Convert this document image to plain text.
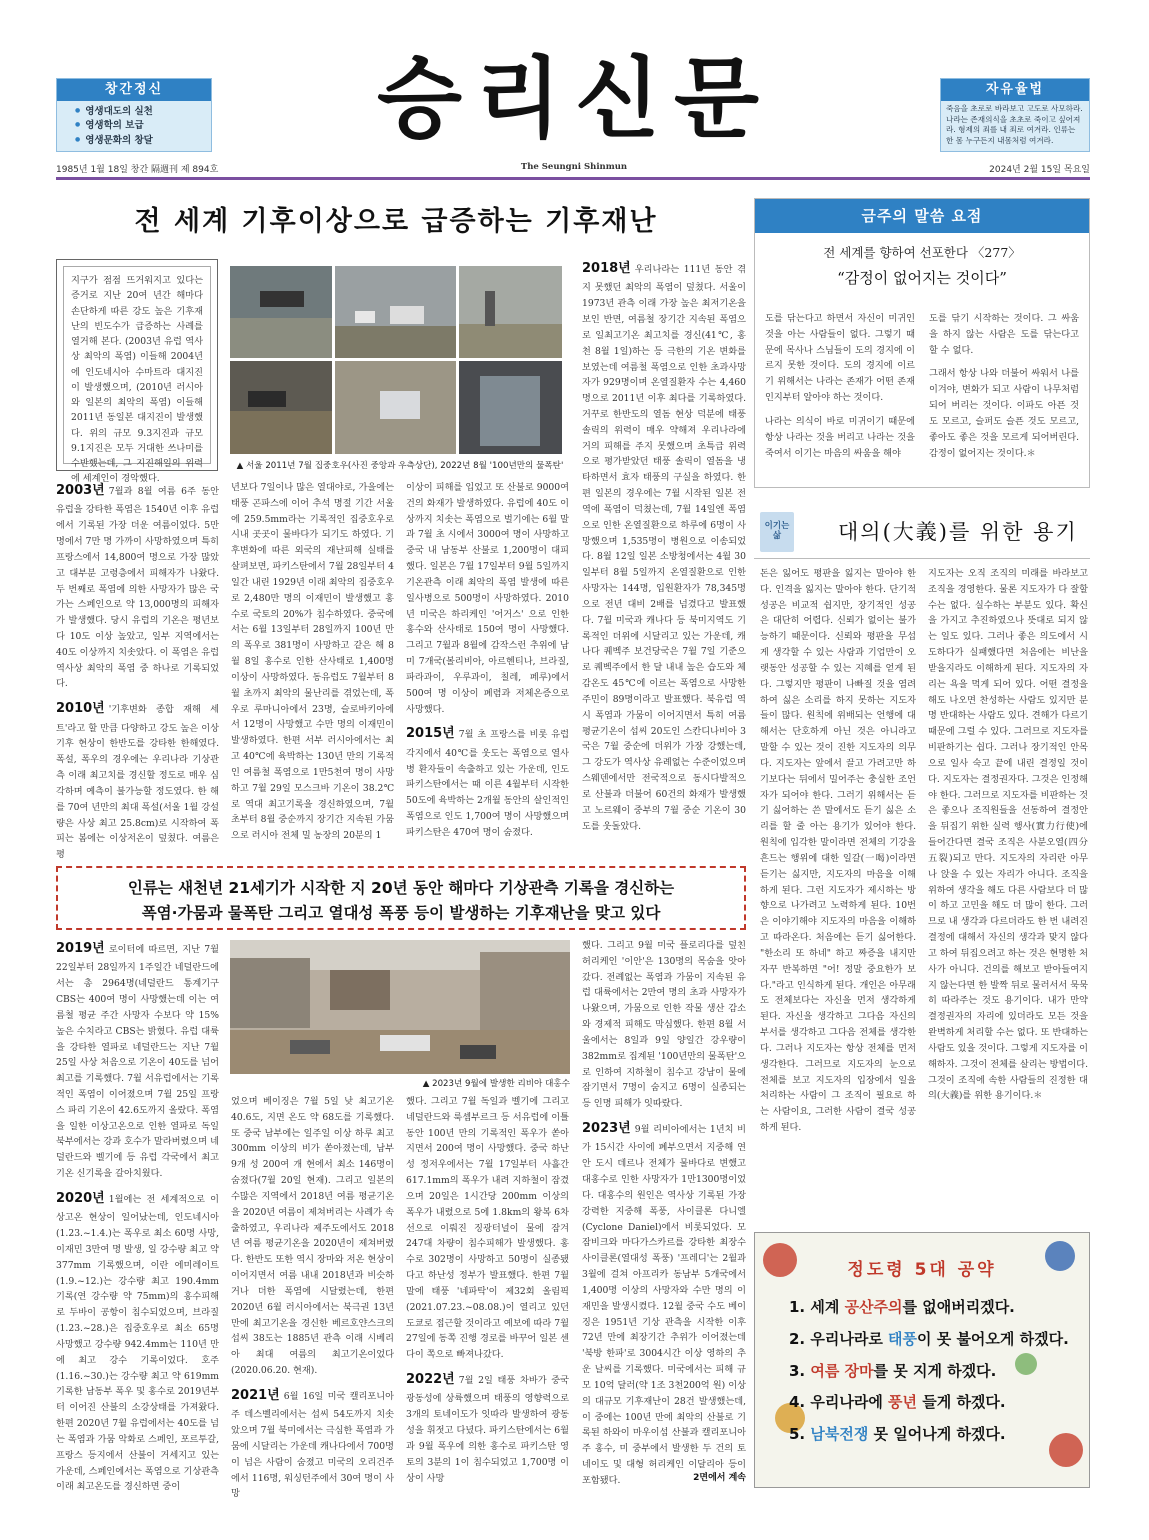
창간정신
● 영생대도의 실천
● 영생학의 보급
● 영생문화의 창달	승리신문	자유율법
죽음을 초로로 바라보고 고도로 사모하라. 나라는 존재의식을 초초로 죽이고 싶어져라. 형제의 죄를 내 죄로 여겨라. 인류는 한 몸 누구든지 내몸처럼 여겨라.
1985년 1월 18일 창간 隔週刊 제 894호	The Seungni Shinmun	2024년 2월 15일 목요일
전 세계 기후이상으로 급증하는 기후재난
지구가 점점 뜨거워지고 있다는 증거로 지난 20여 년간 해마다 손단하게 따른 강도 높은 기후재난의 빈도수가 급증하는 사례를 열거해 본다. (2003년 유럽 역사상 최악의 폭염) 이들해 2004년에 인도네시아 수마트라 대지진이 발생했으며, (2010년 러시아와 일본의 최악의 폭염) 이들해 2011년 동일본 대지진이 발생했다. 위의 규모 9.3지진과 규모 9.1지진은 모두 거대한 쓰나미를 수반했는데, 그 지진해일의 위력에 세계인이 경악했다.
▲ 서울 2011년 7월 집중호우(사진 중앙과 우측상단), 2022년 8월 '100년만의 물폭탄'
2018년 우리나라는 111년 동안 겪지 못했던 최악의 폭염이 덮쳤다. 서울이 1973년 관측 이래 가장 높은 최저기온을 보인 반면, 여름철 장기간 지속된 폭염으로 일최고기온 최고치를 경신(41℃, 홍천 8월 1일)하는 등 극한의 기온 변화를 보였는데 여름철 폭염으로 인한 초과사망자가 929명이며 온열질환자 수는 4,460명으로 2011년 이후 최다를 기록하였다. 거꾸로 한반도의 열돔 현상 덕분에 태풍 솔릭의 위력이 매우 약해져 우리나라에 거의 피해를 주지 못했으며 초특급 위력으로 평가받았던 태풍 솔릭이 열돔을 냉타하면서 효자 태풍의 구실을 하였다. 한편 일본의 경우에는 7월 시작된 일본 전역에 폭염이 덕쳤는데, 7월 14일엔 폭염으로 인한 온열질환으로 하루에 6명이 사망했으며 1,535명이 병원으로 이송되었다. 8월 12일 일본 소방청에서는 4월 30일부터 8월 5일까지 온열질환으로 인한 사망자는 144명, 입원환자가 78,345명으로 전년 대비 2배를 넘겼다고 발표했다. 7월 미국과 캐나다 등 북미지역도 기록적인 더위에 시달리고 있는 가운데, 캐나다 퀘벡주 보건당국은 7월 7일 기준으로 퀘벡주에서 한 달 내내 높은 습도와 체감온도 45℃에 이르는 폭염으로 사망한 주민이 89명이라고 발표했다. 북유럽 역시 폭염과 가뭄이 이어지면서 특히 여름 평균기온이 섭씨 20도인 스칸디나비아 3국은 7월 중순에 더위가 가장 강했는데, 그 강도가 역사상 유례없는 수준이었으며 스웨덴에서만 전국적으로 동시다발적으로 산불과 더불어 60건의 화재가 발생했고 노르웨이 중부의 7월 중순 기온이 30도를 웃돌았다.

2003년 7월과 8월 여름 6주 동안 유럽을 강타한 폭염은 1540년 이후 유럽에서 기록된 가장 더운 여름이었다. 5만 명에서 7만 명 가까이 사망하였으며 특히 프랑스에서 14,800여 명으로 가장 많았고 대부분 고령층에서 피해자가 나왔다. 두 번째로 폭염에 의한 사망자가 많은 국가는 스페인으로 약 13,000명의 피해자가 발생했다. 당시 유럽의 기온은 평년보다 10도 이상 높았고, 일부 지역에서는 40도 이상까지 치솟았다. 이 폭염은 유럽 역사상 최악의 폭염 중 하나로 기록되었다.

2010년 '기후변화 종합 재해 세트'라고 할 만큼 다양하고 강도 높은 이상기후 현상이 한반도를 강타한 한해였다. 폭설, 폭우의 경우에는 우리나라 기상관측 이래 최고치를 경신할 정도로 매우 심각하며 예측이 불가능할 정도였다. 한 해를 70여 년만의 최대 폭설(서울 1월 강설량은 사상 최고 25.8cm)로 시작하여 폭피는 봄에는 이상저온이 덮쳤다. 여름은 평

년보다 7일이나 많은 열대야로, 가을에는 태풍 곤파스에 이어 추석 명절 기간 서울에 259.5mm라는 기록적인 집중호우로 시내 곳곳이 물바다가 되기도 하였다. 기후변화에 따른 외국의 재난피해 실태를 살펴보면, 파키스탄에서 7월 28일부터 4일간 내린 1929년 이래 최악의 집중호우로 2,480만 명의 이재민이 발생했고 홍수로 국토의 20%가 침수하였다. 중국에서는 6월 13일부터 28일까지 100년 만의 폭우로 381명이 사망하고 같은 해 8월 8일 홍수로 인한 산사태로 1,400명 이상이 사망하였다. 동유럽도 7월부터 8월 초까지 최악의 물난리를 겪었는데, 폭우로 루마니아에서 23명, 슬로바키아에서 12명이 사망했고 수만 명의 이재민이 발생하였다. 한편 서부 러시아에서는 최고 40℃에 육박하는 130년 만의 기록적인 여름철 폭염으로 1만5천여 명이 사망하고 7월 29일 모스크바 기온이 38.2℃로 역대 최고기록을 경신하였으며, 7월 초부터 8월 중순까지 장기간 지속된 가뭄으로 러시아 전체 밀 농장의 20분의 1

이상이 피해를 입었고 또 산불로 9000여 건의 화재가 발생하였다. 유럽에 40도 이상까지 치솟는 폭염으로 벌기에는 6월 말과 7월 초 시에서 3000여 명이 사망하고 중국 내 남동부 산불로 1,200명이 대피했다. 일본은 7월 17일부터 9월 5일까지 기온관측 이래 최악의 폭염 발생에 따른 일사병으로 500명이 사망하였다. 2010년 미국은 하리케인 '어거스' 으로 인한 홍수와 산사태로 150여 명이 사망했다. 그리고 7월과 8월에 감작스런 추위에 남미 7개국(볼리비아, 아르헨티나, 브라질, 파라과이, 우루과이, 칠레, 페루)에서 500여 명 이상이 폐렴과 저체온증으로 사망했다.

2015년 7월 초 프랑스를 비롯 유럽 각지에서 40℃를 웃도는 폭염으로 열사병 환자들이 속출하고 있는 가운데, 인도 파키스탄에서는 때 이른 4월부터 시작한 50도에 육박하는 2개월 동안의 살인적인 폭염으로 인도 1,700여 명이 사망했으며 파키스탄은 470여 명이 숨졌다.

인류는 새천년 21세기가 시작한 지 20년 동안 해마다 기상관측 기록을 경신하는
폭염·가뭄과 물폭탄 그리고 열대성 폭풍 등이 발생하는 기후재난을 맞고 있다

2019년 로이터에 따르면, 지난 7월 22일부터 28일까지 1주일간 네덜란드에서는 총 2964명(네덜란드 통계기구 CBS는 400여 명이 사망했는데 이는 여름철 평균 주간 사망자 수보다 약 15% 높은 수치라고 CBS는 밝혔다. 유럽 대륙을 강타한 열파로 네덜란드는 지난 7월 25일 사상 처음으로 기온이 40도를 넘어 최고를 기록했다. 7월 서유럽에서는 기록적인 폭염이 이어졌으며 7월 25일 프랑스 파리 기온이 42.6도까지 올랐다. 폭염을 일한 이상고온으로 인한 열파로 독일 북부에서는 강과 호수가 말라버렸으며 네덜란드와 벨기에 등 유럽 각국에서 최고기온 신기록을 갈아치웠다.

2020년 1월에는 전 세계적으로 이상고온 현상이 일어났는데, 인도네시아(1.23.~1.4.)는 폭우로 최소 60명 사망, 이재민 3만여 명 발생, 일 강수량 최고 약 377mm 기록했으며, 이란 에미레이트(1.9.~12.)는 강수량 최고 190.4mm 기록(연 강수량 약 75mm)의 홍수피해로 두바이 공항이 침수되었으며, 브라질(1.23.~28.)은 집중호우로 최소 65명 사망했고 강수량 942.4mm는 110년 만에 최고 강수 기록이었다. 호주(1.16.~30.)는 강수량 최고 약 619mm 기록한 남동부 폭우 및 홍수로 2019년부터 이어진 산불의 소강상태를 가져왔다. 한편 2020년 7월 유럽에서는 40도를 넘는 폭염과 가뭄 악화로 스페인, 포르투갈, 프랑스 등지에서 산불이 거세지고 있는 가운데, 스페인에서는 폭염으로 기상관측 이래 최고온도를 경신하면 중이

▲ 2023년 9월에 발생한 리비아 대홍수

었으며 베이징은 7월 5일 낮 최고기온 40.6도, 지면 온도 약 68도를 기록했다. 또 중국 남부에는 일주일 이상 하루 최고 300mm 이상의 비가 쏟아졌는데, 남부 9개 성 200여 개 현에서 최소 146명이 숨졌다(7월 20일 현재). 그리고 일본의 수많은 지역에서 2018년 여름 평균기온을 2020년 여름이 제쳐버리는 사례가 속출하였고, 우리나라 제주도에서도 2018년 여름 평균기온을 2020년이 제쳐버렸다. 한반도 또한 역시 장마와 저온 현상이 이어지면서 여름 내내 2018년과 비슷하거나 더한 폭염에 시달렸는데, 한편 2020년 6월 러시아에서는 북극권 13년 만에 최고기온을 경신한 베르호얀스크의 섭씨 38도는 1885년 관측 이래 시베리아 최대 여름의 최고기온이었다(2020.06.20. 현재).

2021년 6월 16일 미국 캘리포니아주 데스벨리에서는 섭씨 54도까지 치솟았으며 7월 북미에서는 극심한 폭염과 가뭄에 시달리는 가운데 캐나다에서 700명이 넘은 사람이 숨졌고 미국의 오리건주에서 116명, 워싱턴주에서 30여 명이 사망

했다. 그리고 7월 독일과 벨기에 그리고 네덜란드와 룩셈부르크 등 서유럽에 이틀 동안 100년 만의 기록적인 폭우가 쏟아지면서 200여 명이 사망했다. 중국 하난성 정저우에서는 7월 17일부터 사흘간 617.1mm의 폭우가 내려 지하철이 잠겼으며 20일은 1시간당 200mm 이상의 폭우가 내렸으로 5에 1.8km의 왕복 6차선으로 이뤄진 징광터널이 물에 잠겨 247대 차량이 침수피해가 발생했다. 홍수로 302명이 사망하고 50명이 실종됐다고 하난성 정부가 발표했다. 한편 7월 말에 태풍 '네파탁'이 제32회 올림픽 (2021.07.23.~08.08.)이 열리고 있던 도쿄로 접근할 것이라고 예보에 따라 7월 27일에 동쪽 진행 경로를 바꾸어 일본 센다이 쪽으로 빠져나갔다.

2022년 7월 2일 태풍 차바가 중국 광동성에 상륙했으며 태풍의 영향력으로 3개의 토네이도가 잇따라 발생하여 광동성을 휘젓고 다녔다. 파키스탄에서는 6월과 9월 폭우에 의한 홍수로 파키스탄 영토의 3분의 1이 침수되었고 1,700명 이상이 사망

했다. 그리고 9월 미국 플로리다를 덮친 허리케인 '이안'은 130명의 목숨을 앗아갔다. 전례없는 폭염과 가뭄이 지속된 유럽 대륙에서는 2만여 명의 초과 사망자가 나왔으며, 가뭄으로 인한 작물 생산 감소와 경제적 피해도 막심했다. 한편 8월 서울에서는 8일과 9일 양일간 강우량이 382mm로 집계된 '100년만의 물폭탄'으로 인하여 지하철이 침수고 강남이 물에 잠기면서 7명이 숨지고 6명이 실종되는 등 인명 피해가 잇따랐다.

2023년 9월 리비아에서는 1년치 비가 15시간 사이에 폐부으면서 지중해 연안 도시 데르나 전체가 물바다로 변했고 대홍수로 인한 사망자가 1만1300명이었다. 대홍수의 원인은 역사상 기록된 가장 강력한 지중해 폭풍, 사이클론 다니엘(Cyclone Daniel)에서 비롯되었다. 모잠비크와 마다가스카르를 강타한 최장수 사이클론(열대성 폭풍) '프레디'는 2월과 3월에 걸쳐 아프리카 동남부 5개국에서 1,400명 이상의 사망자와 수만 명의 이재민을 발생시켰다. 12월 중국 수도 베이징은 1951년 기상 관측을 시작한 이후 72년 만에 최장기간 추위가 이어졌는데 '북방 한파'로 3004시간 이상 영하의 추운 날씨를 기록했다. 미국에서는 피해 규모 10억 달러(약 1조 3천200억 원) 이상의 대규모 기후재난이 28건 발생했는데, 이 중에는 100년 만에 최악의 산불로 기록된 하와이 마우이섬 산불과 캘리포니아주 홍수, 미 중부에서 발생한 두 건의 토네이도 및 대형 허리케인 이달리아 등이 포함됐다.	2면에서 계속
금주의 말씀 요점
전 세계를 향하여 선포한다 〈277〉
“감정이 없어지는 것이다”

도를 닦는다고 하면서 자신이 미귀인 것을 아는 사람들이 없다. 그렇기 때문에 목사나 스님들이 도의 경지에 이르지 못한 것이다. 도의 경지에 이르기 위해서는 나라는 존재가 어떤 존재인지부터 알아야 하는 것이다.

나라는 의식이 바로 미귀이기 때문에 항상 나라는 것을 버리고 나라는 것을 죽여서 이기는 마음의 싸움을 해야

도를 닦기 시작하는 것이다. 그 싸움을 하지 않는 사람은 도를 닦는다고 할 수 없다.

그래서 항상 나와 더불어 싸워서 나를 이겨야, 변화가 되고 사람이 나무처럼 되어 버리는 것이다. 이파도 아픈 것도 모르고, 슬퍼도 슬픈 것도 모르고, 좋아도 좋은 것을 모르게 되어버린다. 감정이 없어지는 것이다.＊

이기는 삶	대의(大義)를 위한 용기
돈은 잃어도 평판을 잃지는 말아야 한다. 인격을 잃지는 말아야 한다. 단기적 성공은 비교적 쉽지만, 장기적인 성공은 대단히 어렵다. 신뢰가 없이는 불가능하기 때문이다. 신뢰와 평판을 무섭게 생각할 수 있는 사람과 기업만이 오랫동안 성공할 수 있는 지혜를 얻게 된다. 그렇지만 평판이 나빠질 것을 염려하여 싫은 소리를 하지 못하는 지도자들이 많다. 원칙에 위배되는 언행에 대해서는 단호하게 아닌 것은 아니라고 말할 수 있는 것이 진한 지도자의 의무다. 지도자는 앞에서 끌고 가려고만 하기보다는 뒤에서 밀어주는 충실한 조언자가 되어야 한다. 그러기 위해서는 듣기 싫어하는 쓴 말에서도 듣기 싫은 소리를 할 줄 아는 용기가 있어야 한다. 원칙에 입각한 말이라면 전체의 기강을 흔드는 행위에 대한 일갈(一喝)이라면 듣기는 싫지만, 지도자의 마음을 이해하게 된다. 그런 지도자가 제시하는 방향으로 나가려고 노력하게 된다. 10번은 이야기해야 지도자의 마음을 이해하고 따라온다. 처음에는 듣기 싫어한다. "한소리 또 하네" 하고 짜증을 내지만 자꾸 반복하면 "어! 정말 중요한가 보다."라고 인식하게 된다. 개인은 아무래도 전체보다는 자신을 먼저 생각하게 된다. 자신을 생각하고 그다음 자신의 부서를 생각하고 그다음 전체를 생각한다. 그러나 지도자는 항상 전체를 먼저 생각한다. 그러므로 지도자의 눈으로 전체를 보고 지도자의 입장에서 일을 처리하는 사람이 그 조직이 필요로 하는 사람이요, 그러한 사람이 결국 성공하게 된다.
지도자는 오직 조직의 미래를 바라보고 조직을 경영한다. 물론 지도자가 다 잘할 수는 없다. 실수하는 부분도 있다. 확신을 가지고 추진하였으나 뜻대로 되지 않는 일도 있다. 그러나 좋은 의도에서 시도하다가 실패했다면 처음에는 비난을 받을지라도 이해하게 된다. 지도자의 자리는 욕을 먹게 되어 있다. 어떤 결정을 해도 나오면 찬성하는 사람도 있지만 분명 반대하는 사람도 있다. 견해가 다르기 때문에 그럴 수 있다. 그러므로 지도자를 비판하기는 쉽다. 그러나 장기적인 안목으로 일사 숙고 끝에 내린 결정일 것이다. 지도자는 결정권자다. 그것은 인정해야 한다. 그러므로 지도자를 비판하는 것은 좋으나 조직원들을 선동하여 결정안을 뒤집기 위한 실력 행사(實力行使)에 들어간다면 결국 조직은 사분오열(四分五裂)되고 만다. 지도자의 자리란 아무나 앉을 수 있는 자리가 아니다. 조직을 위하여 생각을 해도 다른 사람보다 더 많이 하고 고민을 해도 더 많이 한다. 그러므로 내 생각과 다르더라도 한 번 내려진 결정에 대해서 자신의 생각과 맞지 않다고 하여 뒤집으려고 하는 것은 현명한 처사가 아니다. 건의를 해보고 받아들여지지 않는다면 한 발짝 뒤로 물러서서 묵묵히 따라주는 것도 용기이다. 내가 만약 결정권자의 자리에 있더라도 모든 것을 완벽하게 처리할 수는 없다. 또 반대하는 사람도 있을 것이다. 그렇게 지도자를 이해하자. 그것이 전체를 살리는 방법이다. 그것이 조직에 속한 사람들의 진정한 대의(大義)를 위한 용기이다.＊
정도령 5대 공약
1. 세계 공산주의를 없애버리겠다.
2. 우리나라로 태풍이 못 불어오게 하겠다.
3. 여름 장마를 못 지게 하겠다.
4. 우리나라에 풍년 들게 하겠다.
5. 남북전쟁 못 일어나게 하겠다.
